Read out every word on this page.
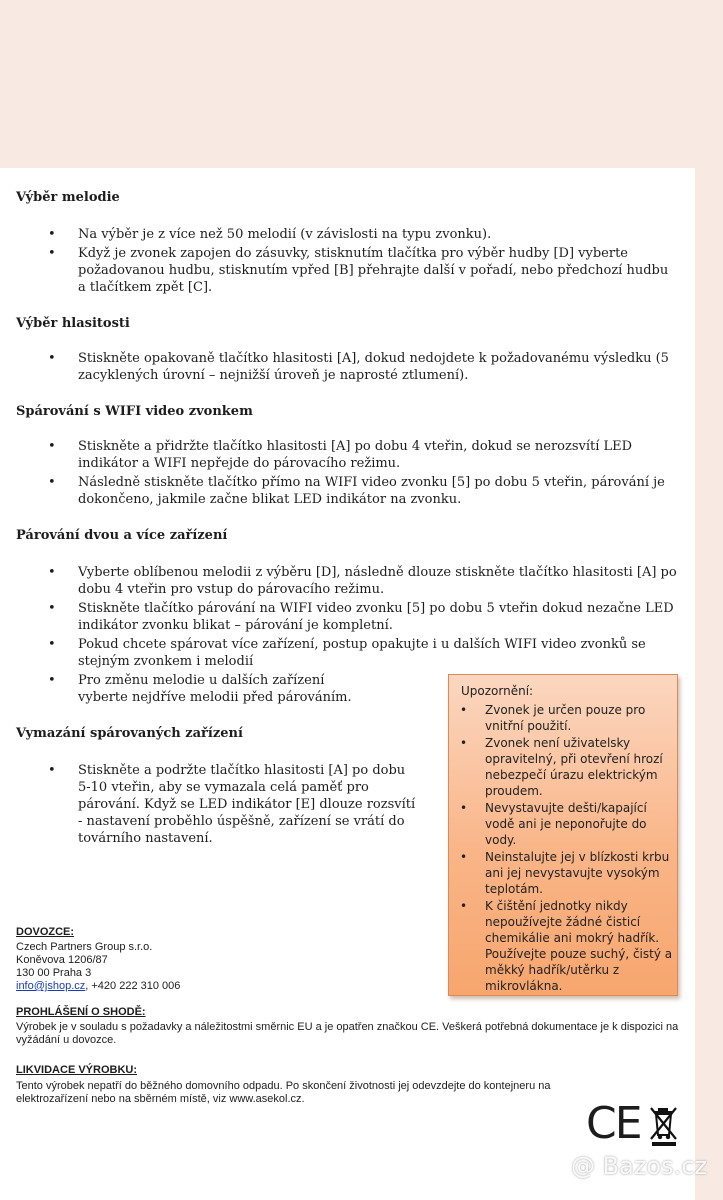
Výběr melodie
• Na výběr je z více než 50 melodií (v závislosti na typu zvonku).
• Když je zvonek zapojen do zásuvky, stisknutím tlačítka pro výběr hudby [D] vyberte požadovanou hudbu, stisknutím vpřed [B] přehrajte další v pořadí, nebo předchozí hudbu a tlačítkem zpět [C].
Výběr hlasitosti
• Stiskněte opakovaně tlačítko hlasitosti [A], dokud nedojdete k požadovanému výsledku (5 zacyklených úrovní – nejnižší úroveň je naprosté ztlumení).
Spárování s WIFI video zvonkem
• Stiskněte a přidržte tlačítko hlasitosti [A] po dobu 4 vteřin, dokud se nerozsvítí LED indikátor a WIFI nepřejde do párovacího režimu.
• Následně stiskněte tlačítko přímo na WIFI video zvonku [5] po dobu 5 vteřin, párování je dokončeno, jakmile začne blikat LED indikátor na zvonku.
Párování dvou a více zařízení
• Vyberte oblíbenou melodii z výběru [D], následně dlouze stiskněte tlačítko hlasitosti [A] po dobu 4 vteřin pro vstup do párovacího režimu.
• Stiskněte tlačítko párování na WIFI video zvonku [5] po dobu 5 vteřin dokud nezačne LED indikátor zvonku blikat – párování je kompletní.
• Pokud chcete spárovat více zařízení, postup opakujte i u dalších WIFI video zvonků se stejným zvonkem i melodií
• Pro změnu melodie u dalších zařízení vyberte nejdříve melodii před párováním.
Vymazání spárovaných zařízení
• Stiskněte a podržte tlačítko hlasitosti [A] po dobu 5-10 vteřin, aby se vymazala celá paměť pro párování. Když se LED indikátor [E] dlouze rozsvítí - nastavení proběhlo úspěšně, zařízení se vrátí do továrního nastavení.
Upozornění:
• Zvonek je určen pouze pro vnitřní použití.
• Zvonek není uživatelsky opravitelný, při otevření hrozí nebezpečí úrazu elektrickým proudem.
• Nevystavujte dešti/kapající vodě ani je neponořujte do vody.
• Neinstalujte jej v blízkosti krbu ani jej nevystavujte vysokým teplotám.
• K čištění jednotky nikdy nepoužívejte žádné čisticí chemikálie ani mokrý hadřík. Používejte pouze suchý, čistý a měkký hadřík/utěrku z mikrovlákna.
DOVOZCE:
Czech Partners Group s.r.o.
Koněvova 1206/87
130 00 Praha 3
info@jshop.cz, +420 222 310 006
PROHLÁŠENÍ O SHODĚ:
Výrobek je v souladu s požadavky a náležitostmi směrnic EU a je opatřen značkou CE. Veškerá potřebná dokumentace je k dispozici na vyžádání u dovozce.
LIKVIDACE VÝROBKU:
Tento výrobek nepatří do běžného domovního odpadu. Po skončení životnosti jej odevzdejte do kontejneru na elektrozařízení nebo na sběrném místě, viz www.asekol.cz.	CE
@ Bazos.cz
